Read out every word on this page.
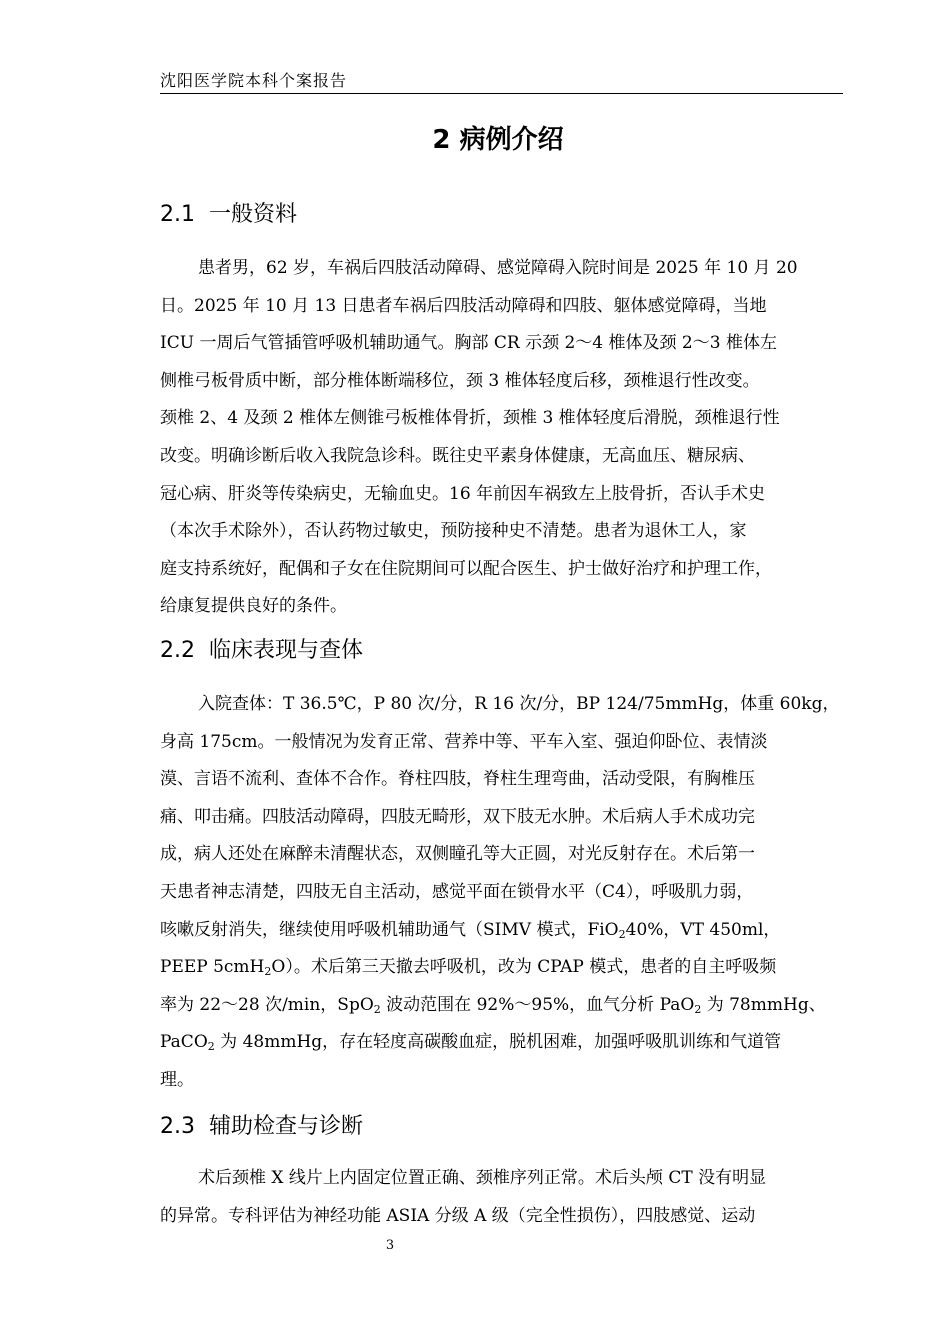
沈阳医学院本科个案报告
2 病例介绍
2.1 一般资料
患者男，62 岁，车祸后四肢活动障碍、感觉障碍入院时间是 2025 年 10 月 20
日。2025 年 10 月 13 日患者车祸后四肢活动障碍和四肢、躯体感觉障碍，当地
ICU 一周后气管插管呼吸机辅助通气。胸部 CR 示颈 2～4 椎体及颈 2～3 椎体左
侧椎弓板骨质中断，部分椎体断端移位，颈 3 椎体轻度后移，颈椎退行性改变。
颈椎 2、4 及颈 2 椎体左侧锥弓板椎体骨折，颈椎 3 椎体轻度后滑脱，颈椎退行性
改变。明确诊断后收入我院急诊科。既往史平素身体健康，无高血压、糖尿病、
冠心病、肝炎等传染病史，无输血史。16 年前因车祸致左上肢骨折，否认手术史
（本次手术除外），否认药物过敏史，预防接种史不清楚。患者为退休工人，家
庭支持系统好，配偶和子女在住院期间可以配合医生、护士做好治疗和护理工作，
给康复提供良好的条件。
2.2 临床表现与查体
入院查体：T 36.5℃，P 80 次/分，R 16 次/分，BP 124/75mmHg，体重 60kg，
身高 175cm。一般情况为发育正常、营养中等、平车入室、强迫仰卧位、表情淡
漠、言语不流利、查体不合作。脊柱四肢，脊柱生理弯曲，活动受限，有胸椎压
痛、叩击痛。四肢活动障碍，四肢无畸形，双下肢无水肿。术后病人手术成功完
成，病人还处在麻醉未清醒状态，双侧瞳孔等大正圆，对光反射存在。术后第一
天患者神志清楚，四肢无自主活动，感觉平面在锁骨水平（C4），呼吸肌力弱，
咳嗽反射消失，继续使用呼吸机辅助通气（SIMV 模式，FiO$_2$40%，VT 450ml，
PEEP 5cmH$_2$O）。术后第三天撤去呼吸机，改为 CPAP 模式，患者的自主呼吸频
率为 22～28 次/min，SpO$_2$ 波动范围在 92%～95%，血气分析 PaO$_2$ 为 78mmHg、
PaCO$_2$ 为 48mmHg，存在轻度高碳酸血症，脱机困难，加强呼吸肌训练和气道管
理。
2.3 辅助检查与诊断
术后颈椎 X 线片上内固定位置正确、颈椎序列正常。术后头颅 CT 没有明显
的异常。专科评估为神经功能 ASIA 分级 A 级（完全性损伤），四肢感觉、运动
3
